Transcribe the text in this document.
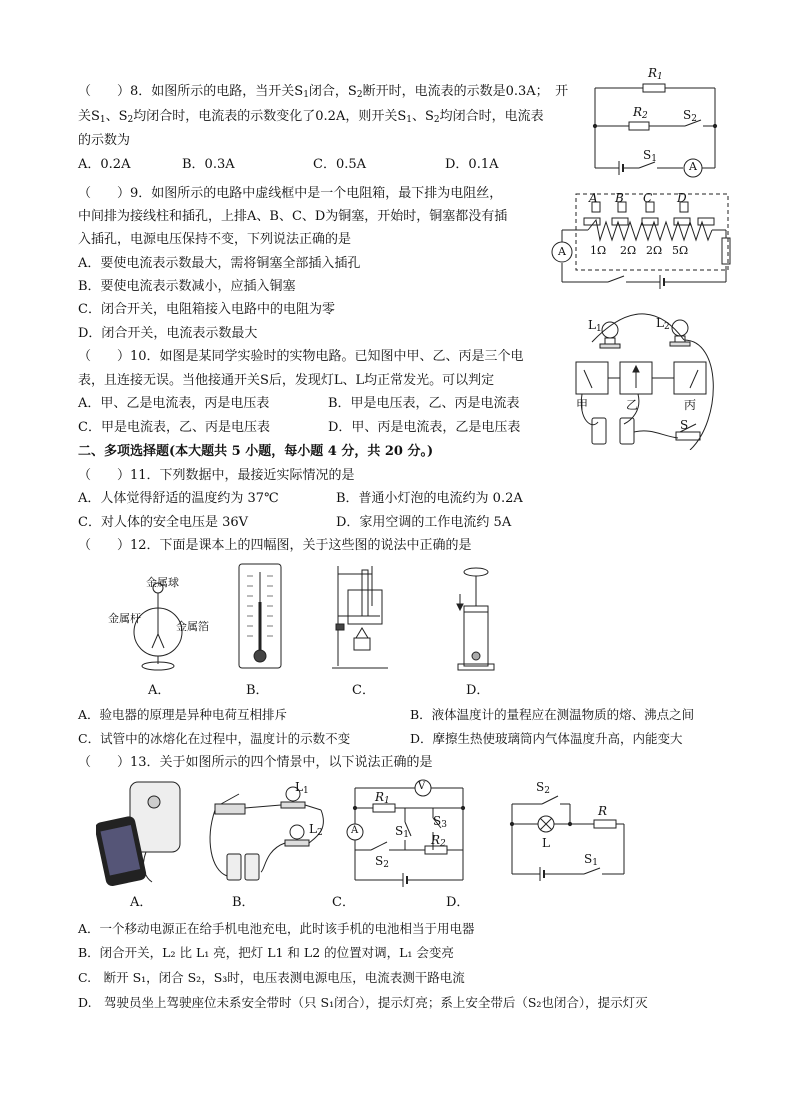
（　　）8．如图所示的电路，当开关$S_1$闭合，$S_2$断开时，电流表的示数是0.3A；　开
关$S_1$、$S_2$均闭合时，电流表的示数变化了0.2A，则开关$S_1$、$S_2$均闭合时，电流表
的示数为
A．0.2A	B．0.3A	C．0.5A	D．0.1A
$R_1$
$R_2$	$S_2$
$S_1$
A
（　　）9．如图所示的电路中虚线框中是一个电阻箱，最下排为电阻丝，
中间排为接线柱和插孔，上排A、B、C、D为铜塞，开始时，铜塞都没有插
入插孔，电源电压保持不变，下列说法正确的是
A．要使电流表示数最大，需将铜塞全部插入插孔
B．要使电流表示数减小，应插入铜塞
C．闭合开关，电阻箱接入电路中的电阻为零
D．闭合开关，电流表示数最大
A B C D
1Ω 2Ω 2Ω 5Ω
A
（　　）10．如图是某同学实验时的实物电路。已知图中甲、乙、丙是三个电
表，且连接无误。当他接通开关S后，发现灯L、L均正常发光。可以判定
A．甲、乙是电流表，丙是电压表	B．甲是电压表，乙、丙是电流表
C．甲是电流表，乙、丙是电压表	D．甲、丙是电流表，乙是电压表
$L_1$	$L_2$
甲	乙	丙
S
二、多项选择题(本大题共 5 小题，每小题 4 分，共 20 分。)
（　　）11．下列数据中，最接近实际情况的是
A．人体觉得舒适的温度约为 37℃	B．普通小灯泡的电流约为 0.2A
C．对人体的安全电压是 36V	D．家用空调的工作电流约 5A
（　　）12．下面是课本上的四幅图，关于这些图的说法中正确的是
金属球
金属杆
金属箔
A．	B．	C．	D．
A．验电器的原理是异种电荷互相排斥	B．液体温度计的量程应在测温物质的熔、沸点之间
C．试管中的冰熔化在过程中，温度计的示数不变	D．摩擦生热使玻璃筒内气体温度升高，内能变大
（　　）13．关于如图所示的四个情景中，以下说法正确的是
$L_1$
$L_2$
V
A
$R_1$
$R_2$
$S_1$
$S_3$
$S_2$
$S_2$
L
R
$S_1$
A．	B．	C．	D．
A．一个移动电源正在给手机电池充电，此时该手机的电池相当于用电器
B．闭合开关，L₂ 比 L₁ 亮，把灯 L1 和 L2 的位置对调，L₁ 会变亮
C.　断开 S₁，闭合 S₂，S₃时，电压表测电源电压，电流表测干路电流
D.　驾驶员坐上驾驶座位未系安全带时（只 S₁闭合），提示灯亮；系上安全带后（S₂也闭合），提示灯灭
